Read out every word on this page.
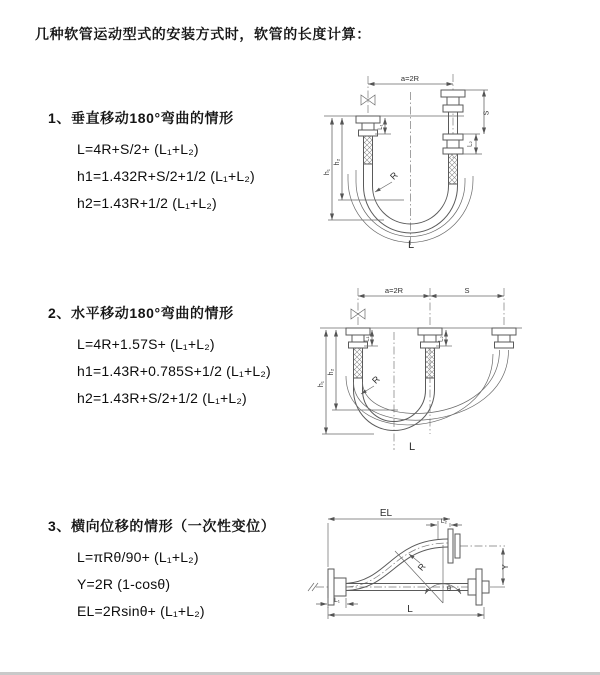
几种软管运动型式的安装方式时，软管的长度计算：
1、垂直移动180°弯曲的情形
L=4R+S/2+ (L₁+L₂)
h1=1.432R+S/2+1/2 (L₁+L₂)
h2=1.43R+1/2 (L₁+L₂)
2、水平移动180°弯曲的情形
L=4R+1.57S+ (L₁+L₂)
h1=1.43R+0.785S+1/2 (L₁+L₂)
h2=1.43R+S/2+1/2 (L₁+L₂)
3、横向位移的情形（一次性变位）
L=πRθ/90+ (L₁+L₂)
Y=2R (1-cosθ)
EL=2Rsinθ+ (L₁+L₂)
a=2R
L₁
h₁
h₂
S
L₂
R
L
a=2R	S
h₁
h₂
L₁	L₂
R
L
θ
R
EL
L₂
Y
L₁
L
